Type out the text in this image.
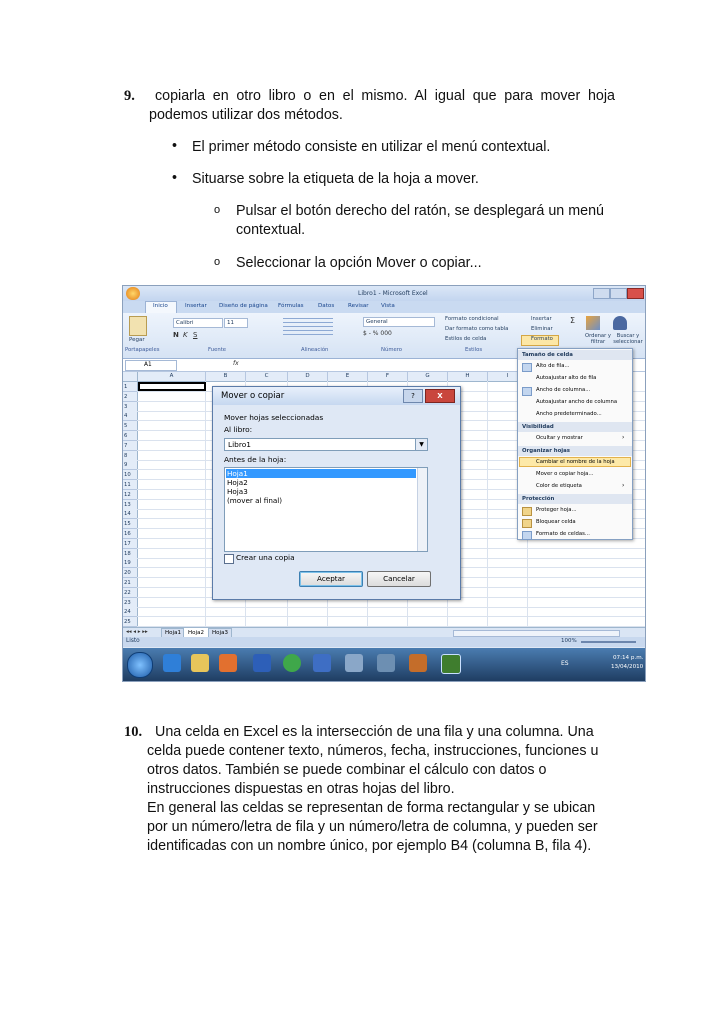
9. copiarla en otro libro o en el mismo. Al igual que para mover hoja
podemos utilizar dos métodos.
• El primer método consiste en utilizar el menú contextual.
• Situarse sobre la etiqueta de la hoja a mover.
o Pulsar el botón derecho del ratón, se desplegará un menú
contextual.
o Seleccionar la opción Mover o copiar...
Libro1 - Microsoft Excel
Inicio	Insertar Diseño de página Fórmulas	Datos Revisar Vista
Pegar
Calibri	11
N K S
General
$ - % 000
Formato condicional
Dar formato como tabla
Estilos de celda
Insertar
Eliminar
Formato
Σ
Ordenar y filtrar
Buscar y seleccionar
Portapapeles	Fuente	Alineación	Número	Estilos
A1	fx
A	B	C	D	E	F	G	H	I
1
2
3
4
5
6
7
8
9
10
11
12
13
14
15
16
17
18
19
20
21
22
23
24
25
◂◂ ◂ ▸ ▸▸	Hoja1	Hoja2	Hoja3
Listo	100%
ES
07:14 p.m.
13/04/2010
Mover o copiar	?	X
Mover hojas seleccionadas
Al libro:
Libro1	▼
Antes de la hoja:
Hoja1
Hoja2
Hoja3
(mover al final)
Crear una copia
Aceptar	Cancelar
Tamaño de celda
Alto de fila...
Autoajustar alto de fila
Ancho de columna...
Autoajustar ancho de columna
Ancho predeterminado...
Visibilidad
Ocultar y mostrar	›
Organizar hojas
Cambiar el nombre de la hoja
Mover o copiar hoja...
Color de etiqueta	›
Protección
Proteger hoja...
Bloquear celda
Formato de celdas...
10. Una celda en Excel es la intersección de una fila y una columna. Una
celda puede contener texto, números, fecha, instrucciones, funciones u
otros datos. También se puede combinar el cálculo con datos o
instrucciones dispuestas en otras hojas del libro.
En general las celdas se representan de forma rectangular y se ubican
por un número/letra de fila y un número/letra de columna, y pueden ser
identificadas con un nombre único, por ejemplo B4 (columna B, fila 4).
